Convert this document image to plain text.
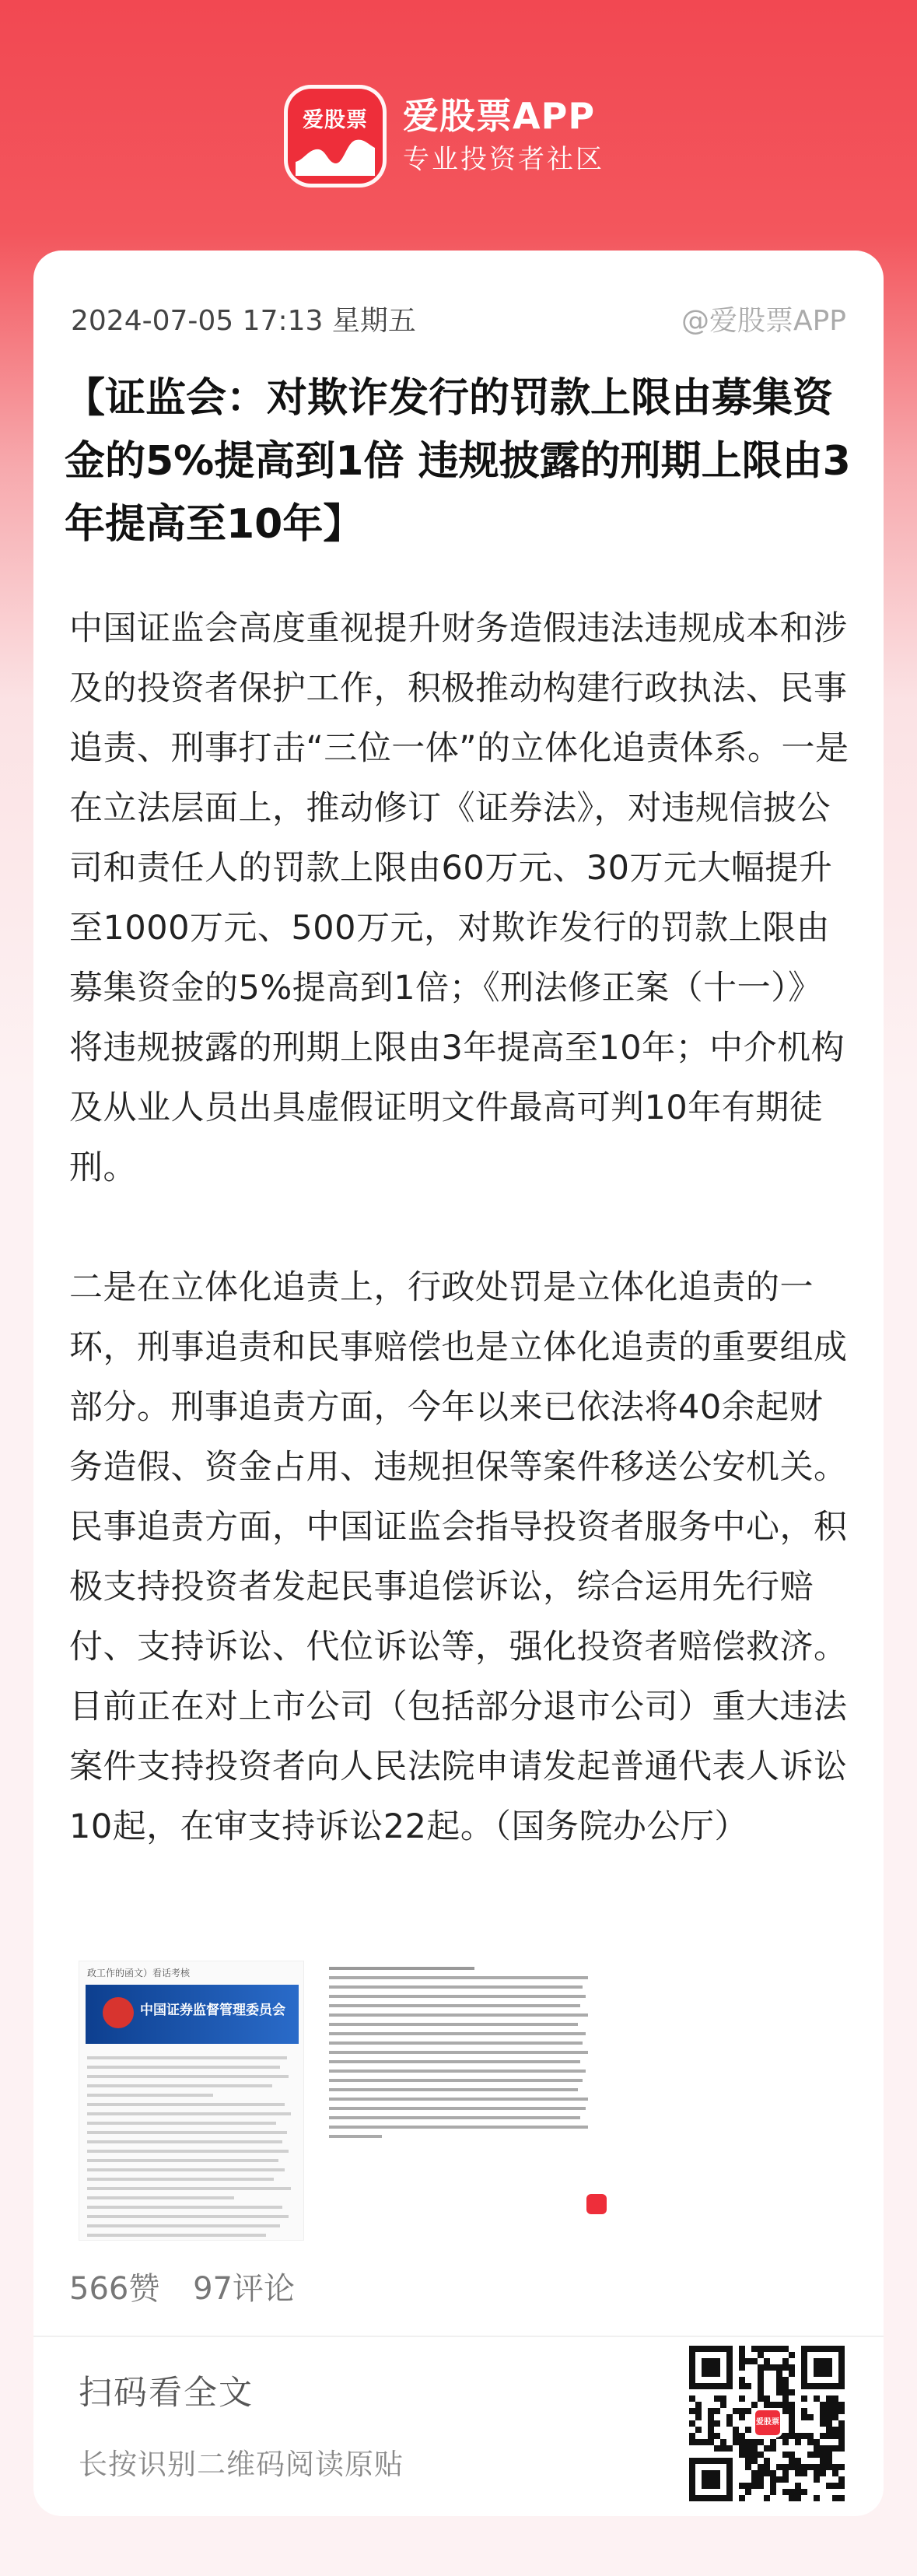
爱股票 爱股票APP
专业投资者社区
2024-07-05 17:13 星期五	@爱股票APP
【证监会：对欺诈发行的罚款上限由募集资金的5%提高到1倍 违规披露的刑期上限由3年提高至10年】

中国证监会高度重视提升财务造假违法违规成本和涉及的投资者保护工作，积极推动构建行政执法、民事追责、刑事打击“三位一体”的立体化追责体系。一是在立法层面上，推动修订《证券法》，对违规信披公司和责任人的罚款上限由60万元、30万元大幅提升至1000万元、500万元，对欺诈发行的罚款上限由募集资金的5%提高到1倍；《刑法修正案（十一）》将违规披露的刑期上限由3年提高至10年；中介机构及从业人员出具虚假证明文件最高可判10年有期徒刑。

二是在立体化追责上，行政处罚是立体化追责的一环，刑事追责和民事赔偿也是立体化追责的重要组成部分。刑事追责方面，今年以来已依法将40余起财务造假、资金占用、违规担保等案件移送公安机关。民事追责方面，中国证监会指导投资者服务中心，积极支持投资者发起民事追偿诉讼，综合运用先行赔付、支持诉讼、代位诉讼等，强化投资者赔偿救济。目前正在对上市公司（包括部分退市公司）重大违法案件支持投资者向人民法院申请发起普通代表人诉讼10起，在审支持诉讼22起。（国务院办公厅）

政工作的函文）看话考核
中国证券监督管理委员会
566赞 97评论
扫码看全文
长按识别二维码阅读原贴
爱股票
